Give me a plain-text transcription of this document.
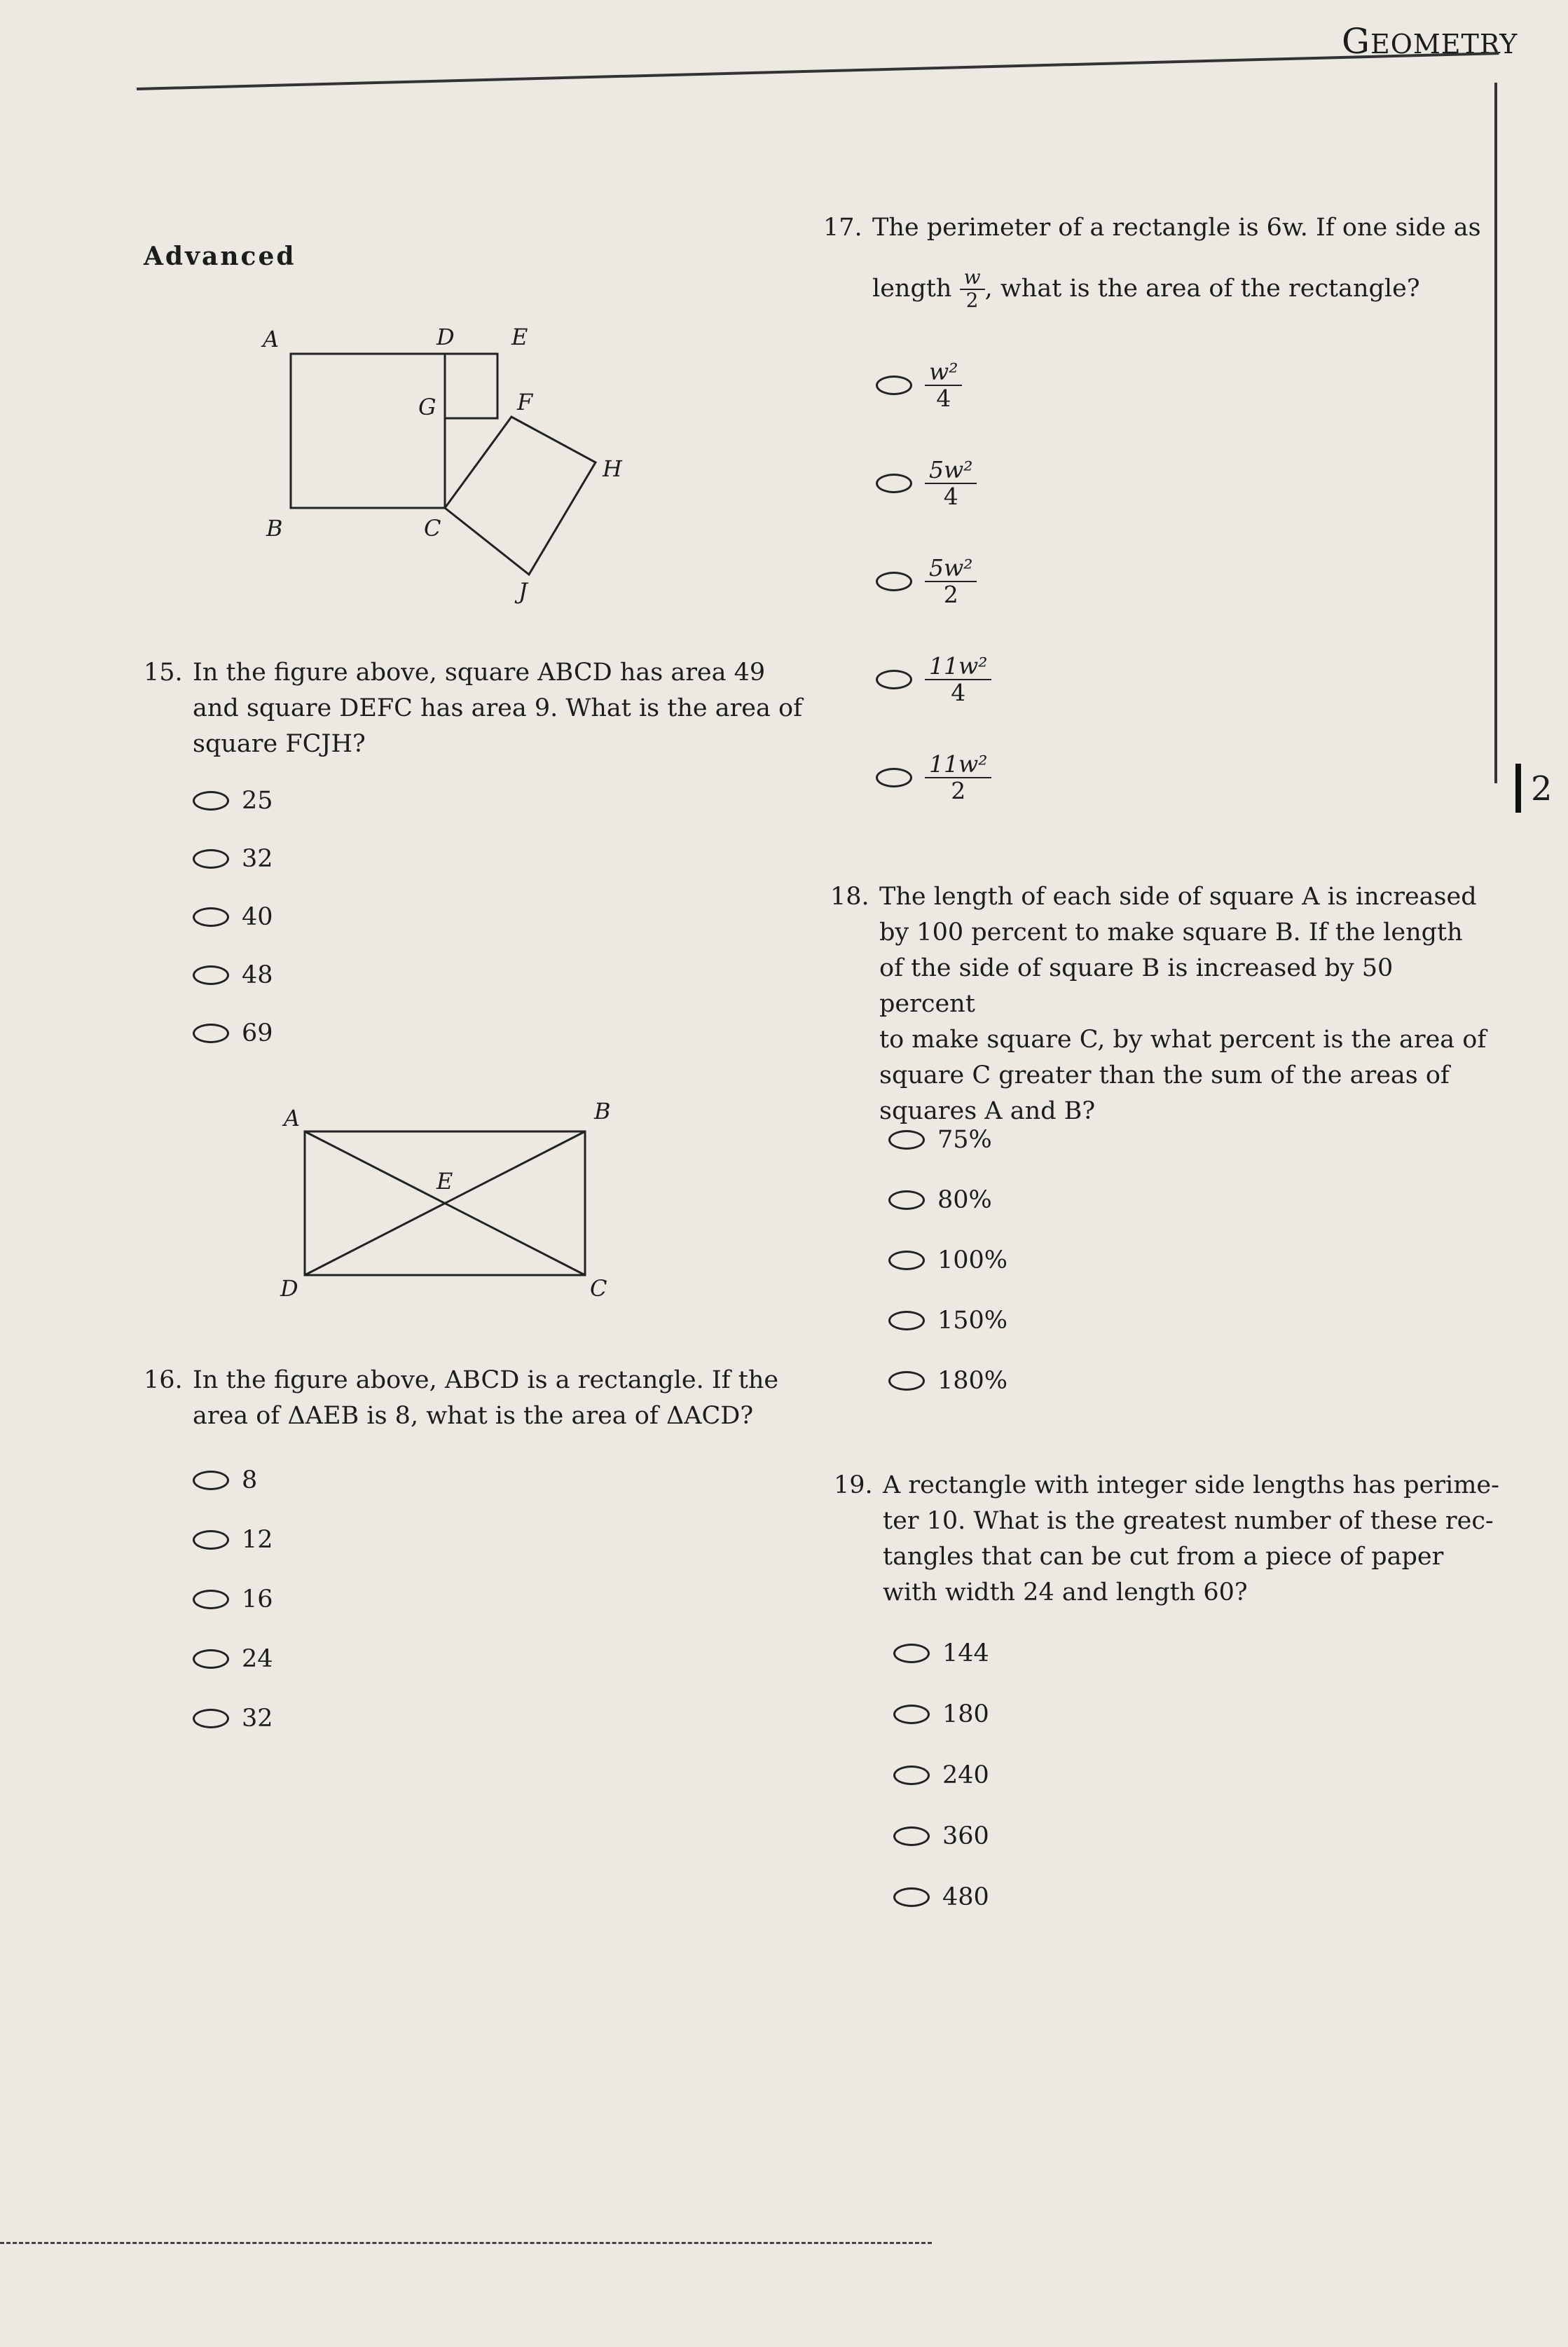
GEOMETRY
2
Advanced
A
B	C
D	E
G	F
H
J
15. In the figure above, square ABCD has area 49
and square DEFC has area 9. What is the area of
square FCJH?
25
32
40
48
69
A	B
C
D
E
16. In the figure above, ABCD is a rectangle. If the
area of ΔAEB is 8, what is the area of ΔACD?
8
12
16
24
32
17. The perimeter of a rectangle is 6w. If one side as
length
$\frac{w}{2}$ , what is the area of the rectangle?
$\frac{\text{w²}}{4}$
$\frac{\text{5w²}}{4}$
$\frac{\text{5w²}}{2}$
$\frac{\text{11w²}}{4}$
$\frac{\text{11w²}}{2}$
18. The length of each side of square A is increased
by 100 percent to make square B. If the length
of the side of square B is increased by 50 percent
to make square C, by what percent is the area of
square C greater than the sum of the areas of
squares A and B?
75%
80%
100%
150%
180%
19. A rectangle with integer side lengths has perime-
ter 10. What is the greatest number of these rec-
tangles that can be cut from a piece of paper
with width 24 and length 60?
144
180
240
360
480
